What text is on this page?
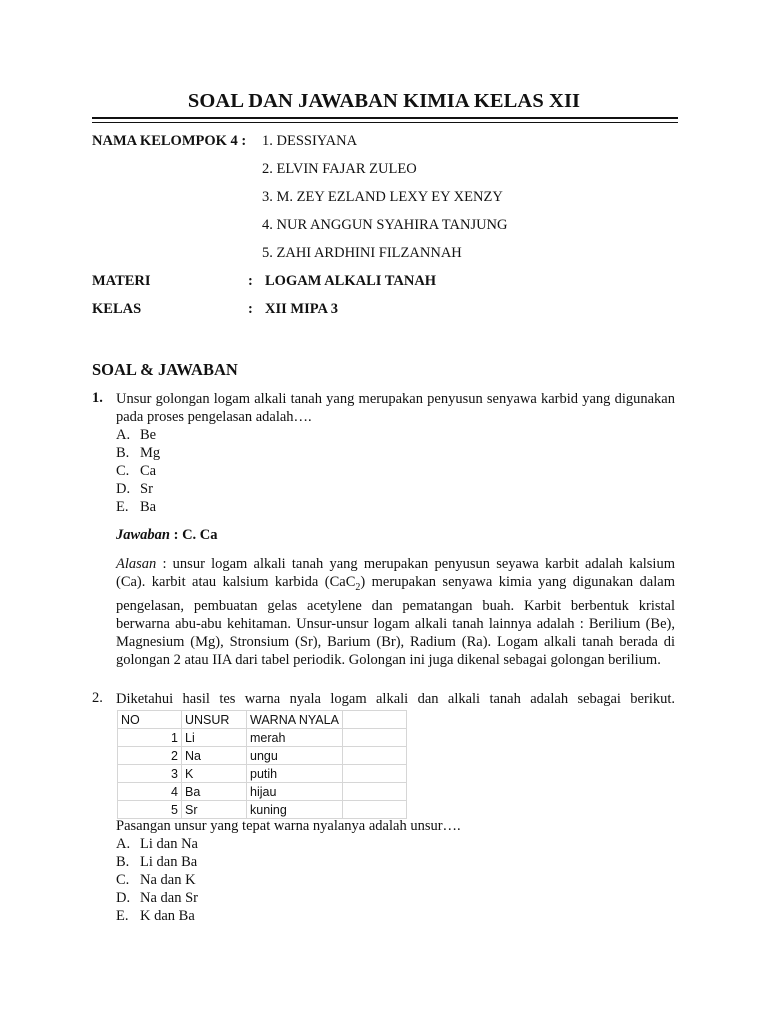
SOAL DAN JAWABAN KIMIA KELAS XII
NAMA KELOMPOK 4 : 1. DESSIYANA
2. ELVIN FAJAR ZULEO
3. M. ZEY EZLAND LEXY EY XENZY
4. NUR ANGGUN SYAHIRA TANJUNG
5. ZAHI ARDHINI FILZANNAH
MATERI	: LOGAM ALKALI TANAH
KELAS	: XII MIPA 3
SOAL & JAWABAN
1. Unsur golongan logam alkali tanah yang merupakan penyusun senyawa karbid yang digunakan pada proses pengelasan adalah….
A. Be
B. Mg
C. Ca
D. Sr
E. Ba
Jawaban : C. Ca
Alasan : unsur logam alkali tanah yang merupakan penyusun seyawa karbit adalah kalsium (Ca). karbit atau kalsium karbida (CaC$_2$) merupakan senyawa kimia yang digunakan dalam pengelasan, pembuatan gelas acetylene dan pematangan buah. Karbit berbentuk kristal berwarna abu-abu kehitaman. Unsur-unsur logam alkali tanah lainnya adalah : Berilium (Be), Magnesium (Mg), Stronsium (Sr), Barium (Br), Radium (Ra). Logam alkali tanah berada di golongan 2 atau IIA dari tabel periodik. Golongan ini juga dikenal sebagai golongan berilium.
2. Diketahui hasil tes warna nyala logam alkali dan alkali tanah adalah sebagai berikut.
NO	UNSUR	WARNA NYALA	
1	Li	merah	
2	Na	ungu	
3	K	putih	
4	Ba	hijau	
5	Sr	kuning	
Pasangan unsur yang tepat warna nyalanya adalah unsur….
A. Li dan Na
B. Li dan Ba
C. Na dan K
D. Na dan Sr
E. K dan Ba
